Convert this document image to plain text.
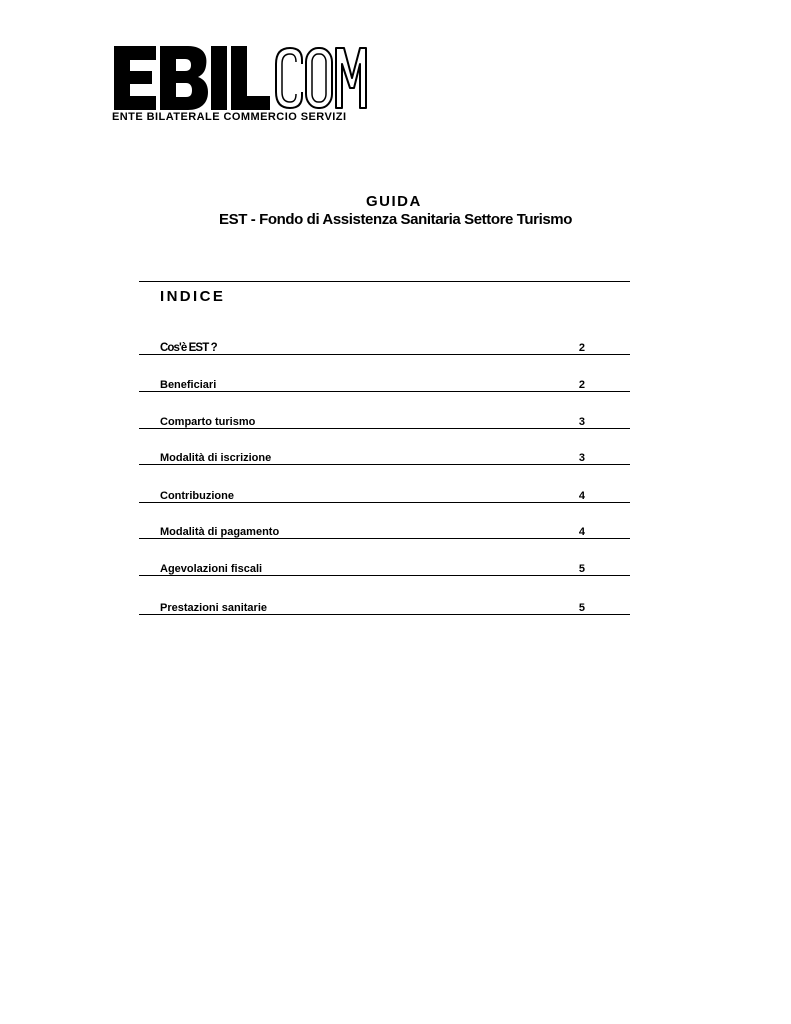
ENTE BILATERALE COMMERCIO SERVIZI
GUIDA
EST - Fondo di Assistenza Sanitaria Settore Turismo
INDICE
Cos'è EST ?	2
Beneficiari	2
Comparto turismo	3
Modalità di iscrizione	3
Contribuzione	4
Modalità di pagamento	4
Agevolazioni fiscali	5
Prestazioni sanitarie	5
